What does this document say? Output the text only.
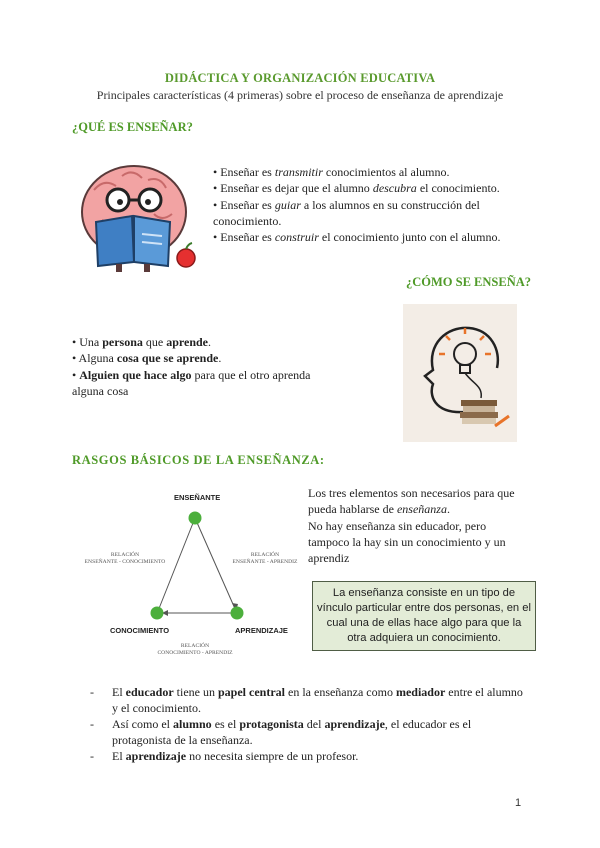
DIDÁCTICA Y ORGANIZACIÓN EDUCATIVA
Principales características (4 primeras) sobre el proceso de enseñanza de aprendizaje
¿QUÉ ES ENSEÑAR?

• Enseñar es transmitir conocimientos al alumno.

• Enseñar es dejar que el alumno descubra el conocimiento.

• Enseñar es guiar a los alumnos en su construcción del conocimiento.

• Enseñar es construir el conocimiento junto con el alumno.

¿CÓMO SE ENSEÑA?

• Una persona que aprende.

• Alguna cosa que se aprende.

• Alguien que hace algo para que el otro aprenda alguna cosa

RASGOS BÁSICOS DE LA ENSEÑANZA:
ENSEÑANTE
CONOCIMIENTO	APRENDIZAJE
RELACIÓN
ENSEÑANTE - CONOCIMIENTO
RELACIÓN
ENSEÑANTE - APRENDIZ
RELACIÓN
CONOCIMIENTO - APRENDIZ

Los tres elementos son necesarios para que pueda hablarse de enseñanza.

No hay enseñanza sin educador, pero tampoco la hay sin un conocimiento y un aprendiz

La enseñanza consiste en un tipo de vínculo particular entre dos personas, en el cual una de ellas hace algo para que la otra adquiera un conocimiento.
- El educador tiene un papel central en la enseñanza como mediador entre el alumno y el conocimiento.
- Así como el alumno es el protagonista del aprendizaje, el educador es el protagonista de la enseñanza.
- El aprendizaje no necesita siempre de un profesor.
1
